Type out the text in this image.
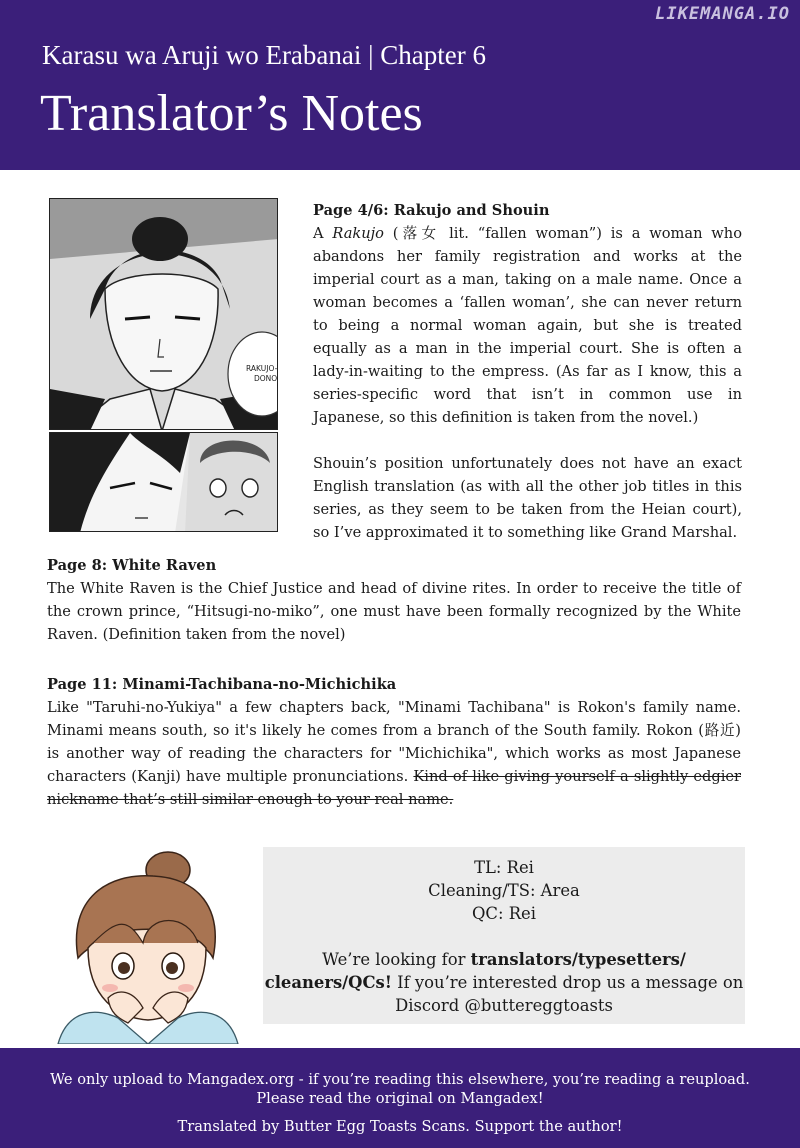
LIKEMANGA.IO
Karasu wa Aruji wo Erabanai | Chapter 6
Translator’s Notes
RAKUJO-
DONO
Page 4/6: Rakujo and Shouin
A Rakujo (落女 lit. “fallen woman”) is a woman who abandons her family registration and works at the imperial court as a man, taking on a male name. Once a woman becomes a ‘fallen woman’, she can never return to being a normal woman again, but she is treated equally as a man in the imperial court. She is often a lady-in-waiting to the empress. (As far as I know, this a series-specific word that isn’t in common use in Japanese, so this definition is taken from the novel.)
Shouin’s position unfortunately does not have an exact English translation (as with all the other job titles in this series, as they seem to be taken from the Heian court), so I’ve approximated it to something like Grand Marshal.
Page 8: White Raven
The White Raven is the Chief Justice and head of divine rites. In order to receive the title of the crown prince, “Hitsugi-no-miko”, one must have been formally recognized by the White Raven. (Definition taken from the novel)
Page 11: Minami-Tachibana-no-Michichika
Like "Taruhi-no-Yukiya" a few chapters back, "Minami Tachibana" is Rokon's family name. Minami means south, so it's likely he comes from a branch of the South family. Rokon (路近) is another way of reading the characters for "Michichika", which works as most Japanese characters (Kanji) have multiple pronunciations. Kind of like giving yourself a slightly edgier nickname that’s still similar enough to your real name.
TL: Rei
Cleaning/TS: Area
QC: Rei
We’re looking for translators/typesetters/ cleaners/QCs! If you’re interested drop us a message on Discord @buttereggtoasts
We only upload to Mangadex.org - if you’re reading this elsewhere, you’re reading a reupload.
Please read the original on Mangadex!
Translated by Butter Egg Toasts Scans. Support the author!
